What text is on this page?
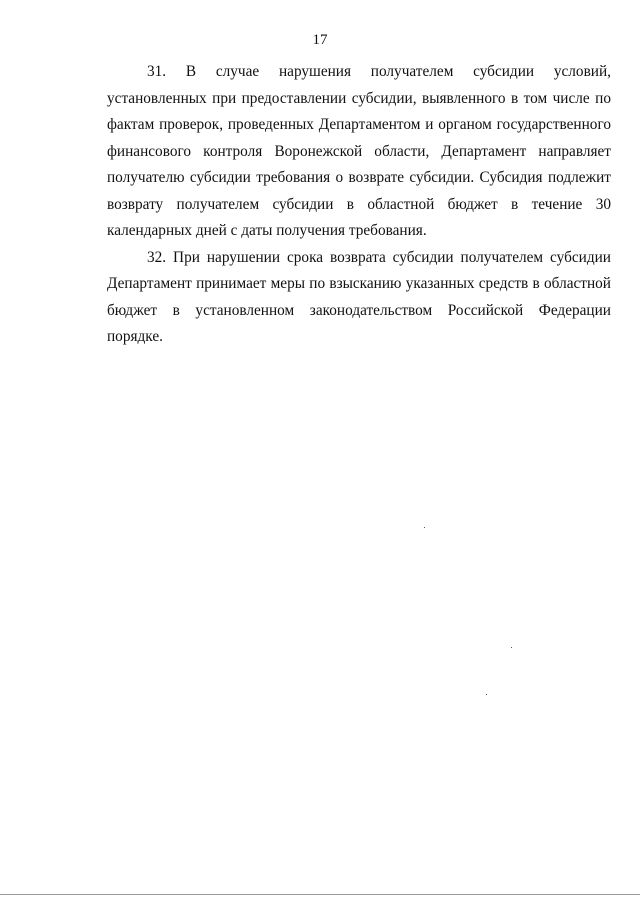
17

31. В случае нарушения получателем субсидии условий, установленных при предоставлении субсидии, выявленного в том числе по фактам проверок, проведенных Департаментом и органом государственного финансового контроля Воронежской области, Департамент направляет получателю субсидии требования о возврате субсидии. Субсидия подлежит возврату получателем субсидии в областной бюджет в течение 30 календарных дней с даты получения требования.

32. При нарушении срока возврата субсидии получателем субсидии Департамент принимает меры по взысканию указанных средств в областной бюджет в установленном законодательством Российской Федерации порядке.
